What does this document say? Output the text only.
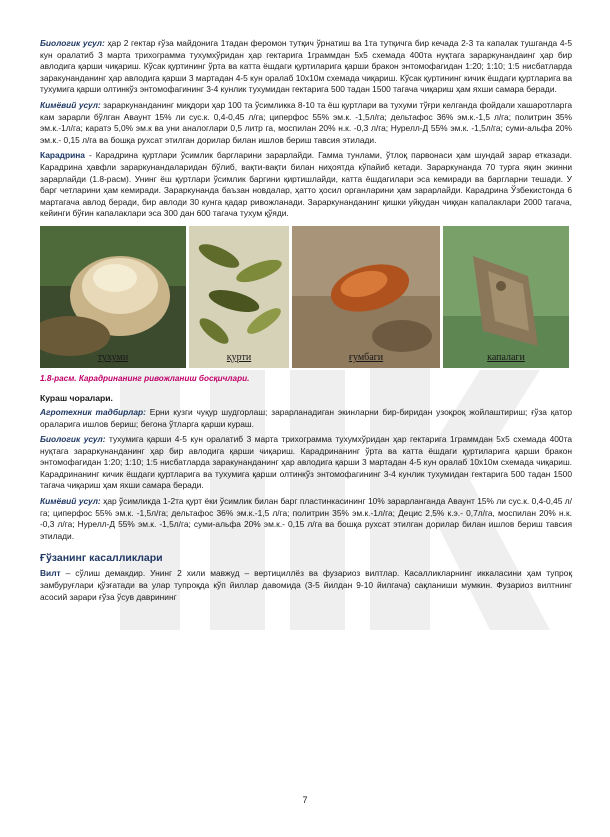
Биологик усул: ҳар 2 гектар ғўза майдонига 1тадан феромон тутқич ўрнатиш ва 1та тутқичга бир кечада 2-3 та капалак тушганда 4-5 кун оралатиб 3 марта трихограмма тухумхўридан ҳар гектарига 1граммдан 5х5 схемада 400та нуқтага зараркунандаинг ҳар бир авлодига қарши чиқариш. Кўсак қуртининг ўрта ва катта ёшдаги қуртиларига қарши бракон энтомофагидан 1:20; 1:10; 1:5 нисбатларда заракунанданинг ҳар авлодига қарши 3 мартадан 4-5 кун оралаб 10х10м схемада чиқариш. Кўсак қуртининг кичик ёшдаги қуртларига ва тухумига қарши олтинкўз энтомофагининг 3-4 кунлик тухумидан гектарига 500 тадан 1500 тагача чиқариш ҳам яхши самара беради.

Кимёвий усул: зараркунанданинг миқдори ҳар 100 та ўсимликка 8-10 та ёш қуртлари ва тухуми тўғри келганда фойдали хашаротларга кам зарарли бўлган Аваунт 15% ли сус.к. 0,4-0,45 л/га; циперфос 55% эм.к. -1,5л/га; дельтафос 36% эм.к.-1,5 л/га; политрин 35% эм.к.-1л/га; каратэ 5,0% эм.к ва уни аналоглари 0,5 литр га, моспилан 20% н.к. -0,3 л/га; Нурелл-Д 55% эм.к. -1,5л/га; суми-альфа 20% эм.к.- 0,15 л/га ва бошқа рухсат этилган дорилар билан ишлов бериш тавсия этилади.

Карадрина - Карадрина қуртлари ўсимлик баргларини зарарлайди. Гамма тунлами, ўтлоқ парвонаси ҳам шундай зарар етказади. Карадрина ҳавфли зараркунандаларидан бўлиб, вақти-вақти билан ниҳоятда кўпайиб кетади. Зараркунанда 70 турга яқин экинни зарарлайди (1.8-расм). Унинг ёш қуртлари ўсимлик баргини қиртишлайди, катта ёшдагилари эса кемиради ва баргларни тешади. У барг четларини ҳам кемиради. Зараркунанда баъзан новдалар, ҳатто ҳосил органларини ҳам зарарлайди. Карадрина Ўзбекистонда 6 мартагача авлод беради, бир авлоди 30 кунга қадар ривожланади. Зараркунанданинг қишки уйқудан чиққан капалаклари 2000 тагача, кейинги бўғин капалаклари эса 300 дан 600 тагача тухум қўяди.

тухуми	қурти	ғумбаги	капалаги
1.8-расм. Карадринанинг ривожланиш босқичлари.
Кураш чоралари.

Агротехник тадбирлар: Ерни кузги чуқур шудгорлаш; зарарланадиган экинларни бир-биридан узоқроқ жойлаштириш; ғўза қатор ораларига ишлов бериш; бегона ўтларга қарши кураш.

Биологик усул: тухумига қарши 4-5 кун оралатиб 3 марта трихограмма тухумхўридан ҳар гектарига 1граммдан 5х5 схемада 400та нуқтага зараркунанданинг ҳар бир авлодига қарши чиқариш. Карадринанинг ўрта ва катта ёшдаги қуртиларига қарши бракон энтомофагидан 1:20; 1:10; 1:5 нисбатларда заракунанданинг ҳар авлодига қарши 3 мартадан 4-5 кун оралаб 10х10м схемада чиқариш. Карадринанинг кичик ёшдаги қуртларига ва тухумига қарши олтинкўз энтомофагининг 3-4 кунлик тухумидан гектарига 500 тадан 1500 тагача чиқариш ҳам яхши самара беради.

Кимёвий усул: ҳар ўсимликда 1-2та қурт ёки ўсимлик билан барг пластинкасининг 10% зарарланганда Аваунт 15% ли сус.к. 0,4-0,45 л/га; циперфос 55% эм.к. -1,5л/га; дельтафос 36% эм.к.-1,5 л/га; политрин 35% эм.к.-1л/га; Децис 2,5% к.э.- 0,7л/га, моспилан 20% н.к. -0,3 л/га; Нурелл-Д 55% эм.к. -1,5л/га; суми-альфа 20% эм.к.- 0,15 л/га ва бошқа рухсат этилган дорилар билан ишлов бериш тавсия этилади.

Ғўзанинг касалликлари

Вилт – сўлиш демакдир. Унинг 2 хили мавжуд – вертициллёз ва фузариоз вилтлар. Касалликларнинг иккаласини ҳам тупроқ замбуруғлари қўзғатади ва улар тупроқда кўп йиллар давомида (3-5 йилдан 9-10 йилгача) сақланиши мумкин. Фузариоз вилтнинг асосий зарари ғўза ўсув даврининг

7
